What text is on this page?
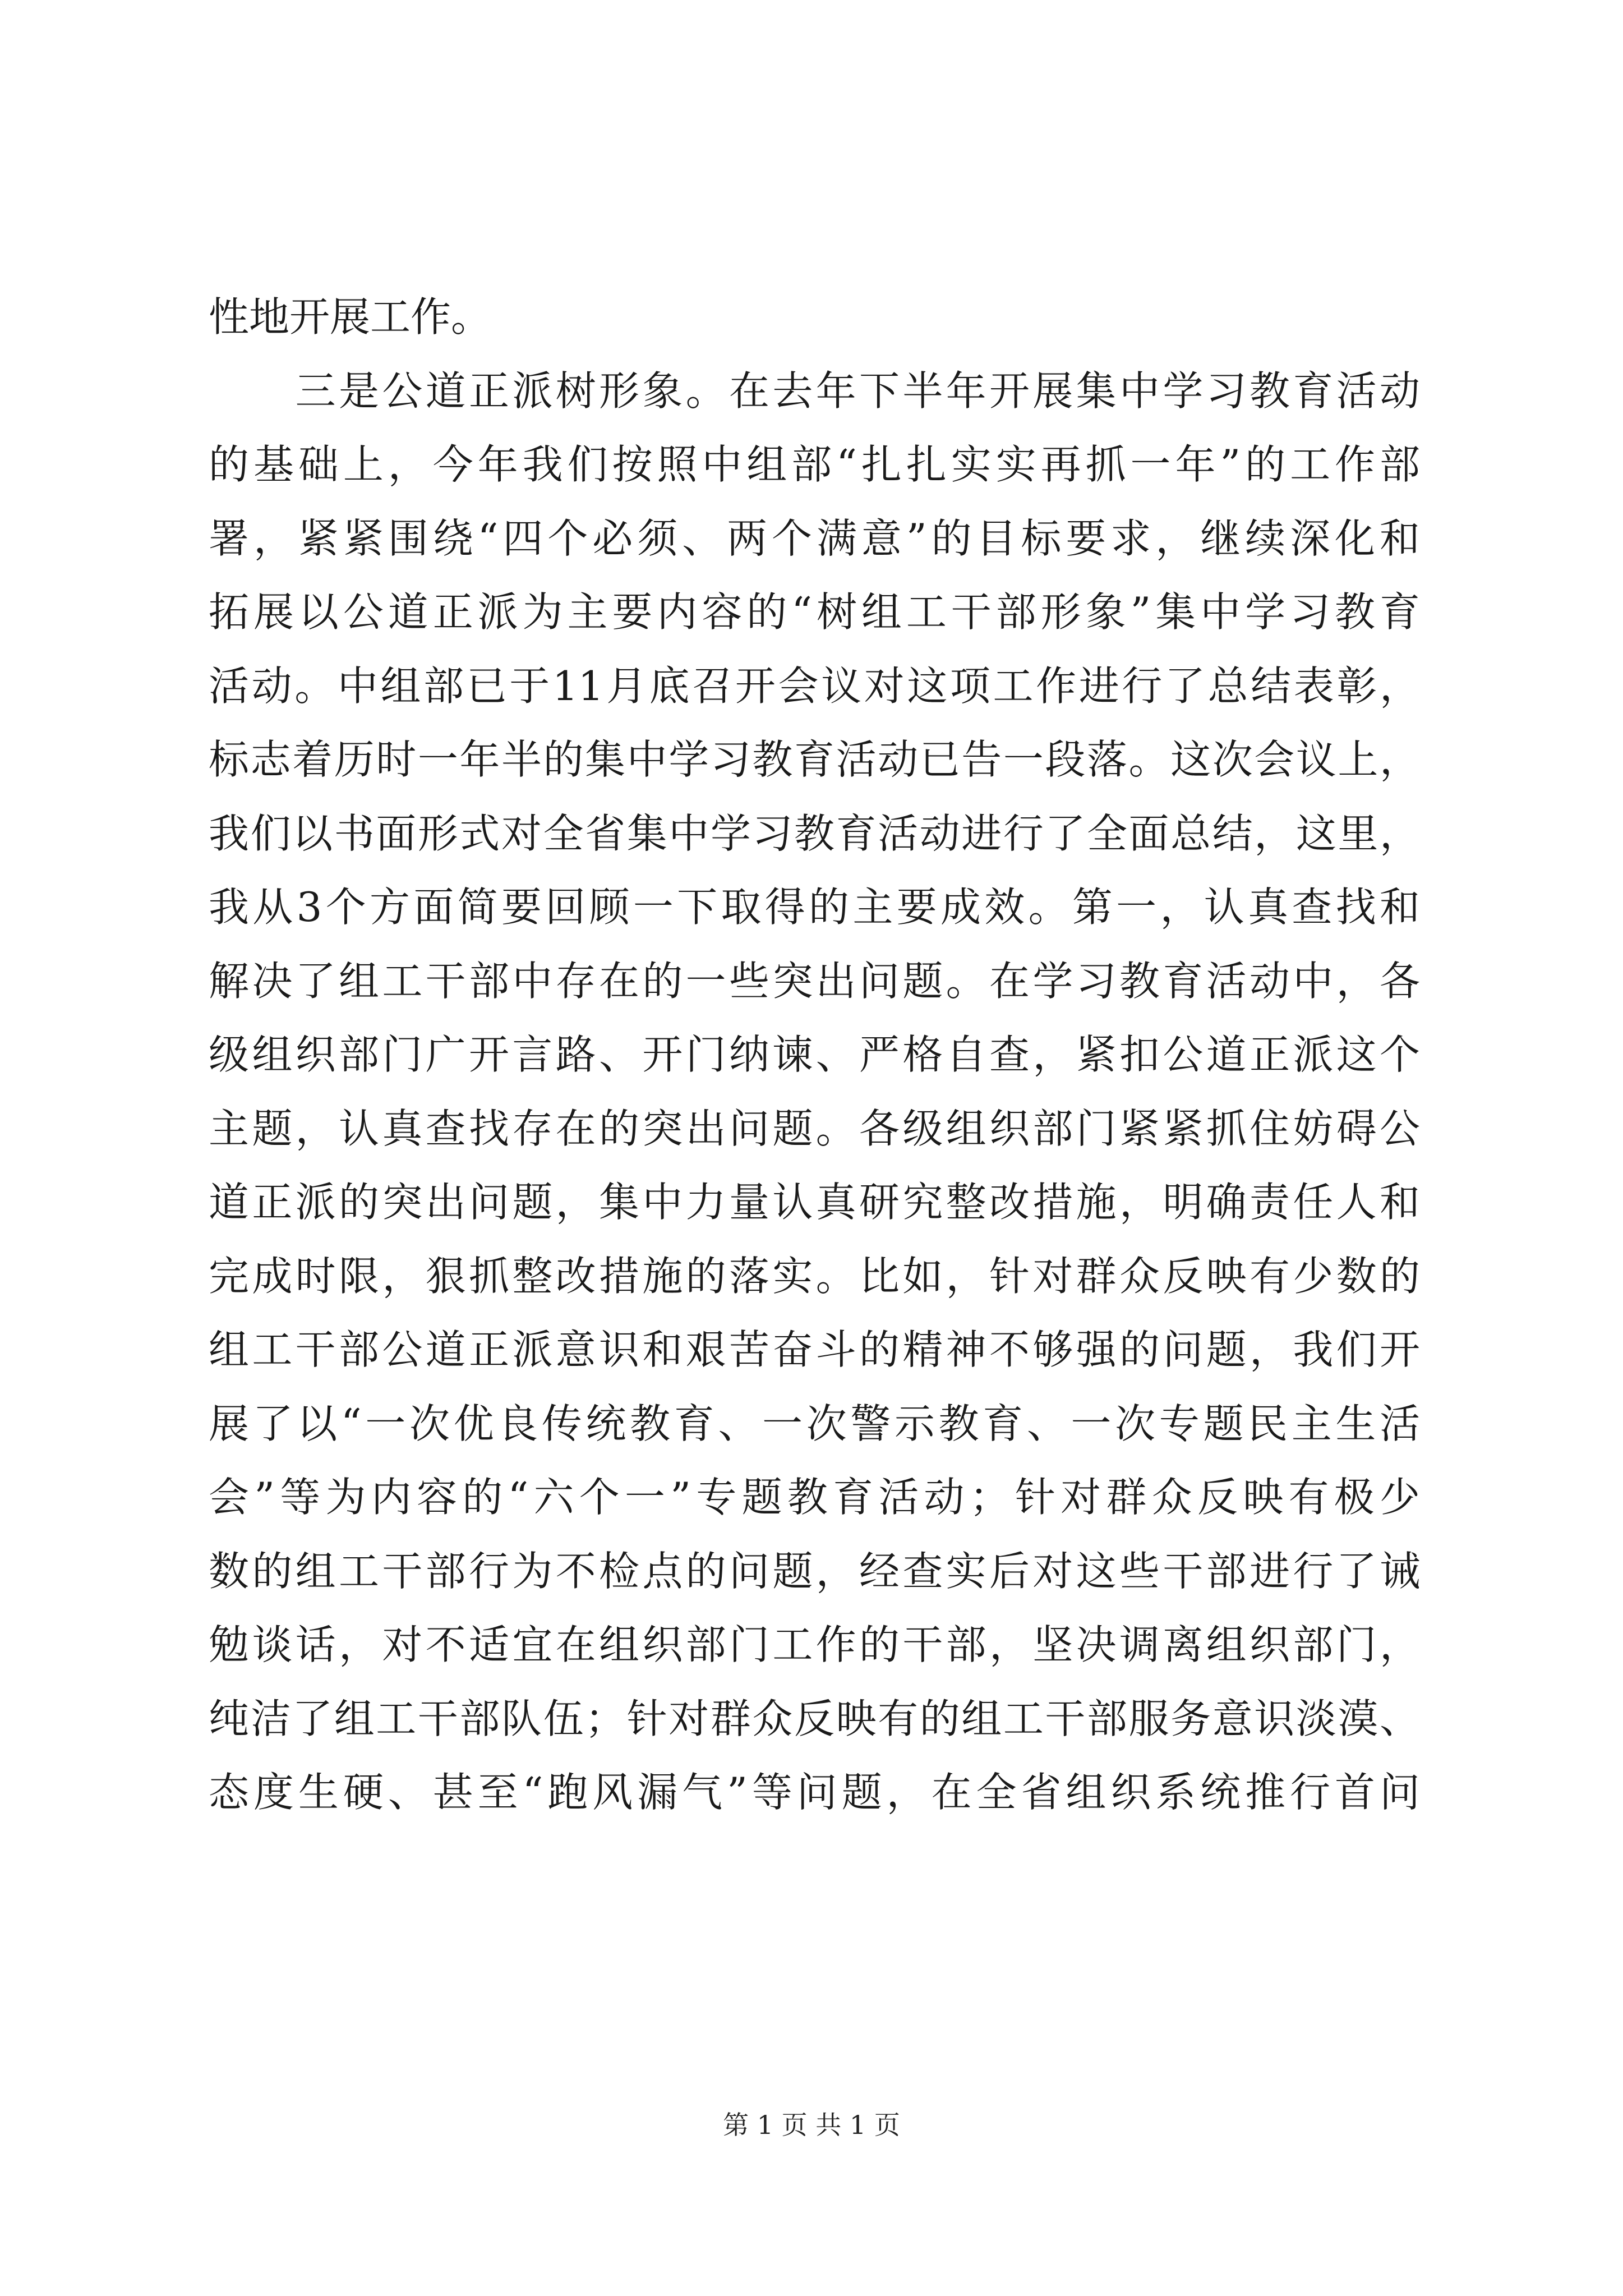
性地开展工作。
　　三是公道正派树形象。在去年下半年开展集中学习教育活动
的基础上，今年我们按照中组部“扎扎实实再抓一年”的工作部
署，紧紧围绕“四个必须、两个满意”的目标要求，继续深化和
拓展以公道正派为主要内容的“树组工干部形象”集中学习教育
活动。中组部已于11月底召开会议对这项工作进行了总结表彰，
标志着历时一年半的集中学习教育活动已告一段落。这次会议上，
我们以书面形式对全省集中学习教育活动进行了全面总结，这里，
我从3个方面简要回顾一下取得的主要成效。第一，认真查找和
解决了组工干部中存在的一些突出问题。在学习教育活动中，各
级组织部门广开言路、开门纳谏、严格自查，紧扣公道正派这个
主题，认真查找存在的突出问题。各级组织部门紧紧抓住妨碍公
道正派的突出问题，集中力量认真研究整改措施，明确责任人和
完成时限，狠抓整改措施的落实。比如，针对群众反映有少数的
组工干部公道正派意识和艰苦奋斗的精神不够强的问题，我们开
展了以“一次优良传统教育、一次警示教育、一次专题民主生活
会”等为内容的“六个一”专题教育活动；针对群众反映有极少
数的组工干部行为不检点的问题，经查实后对这些干部进行了诫
勉谈话，对不适宜在组织部门工作的干部，坚决调离组织部门，
纯洁了组工干部队伍；针对群众反映有的组工干部服务意识淡漠、
态度生硬、甚至“跑风漏气”等问题，在全省组织系统推行首问
第 1 页 共 1 页
